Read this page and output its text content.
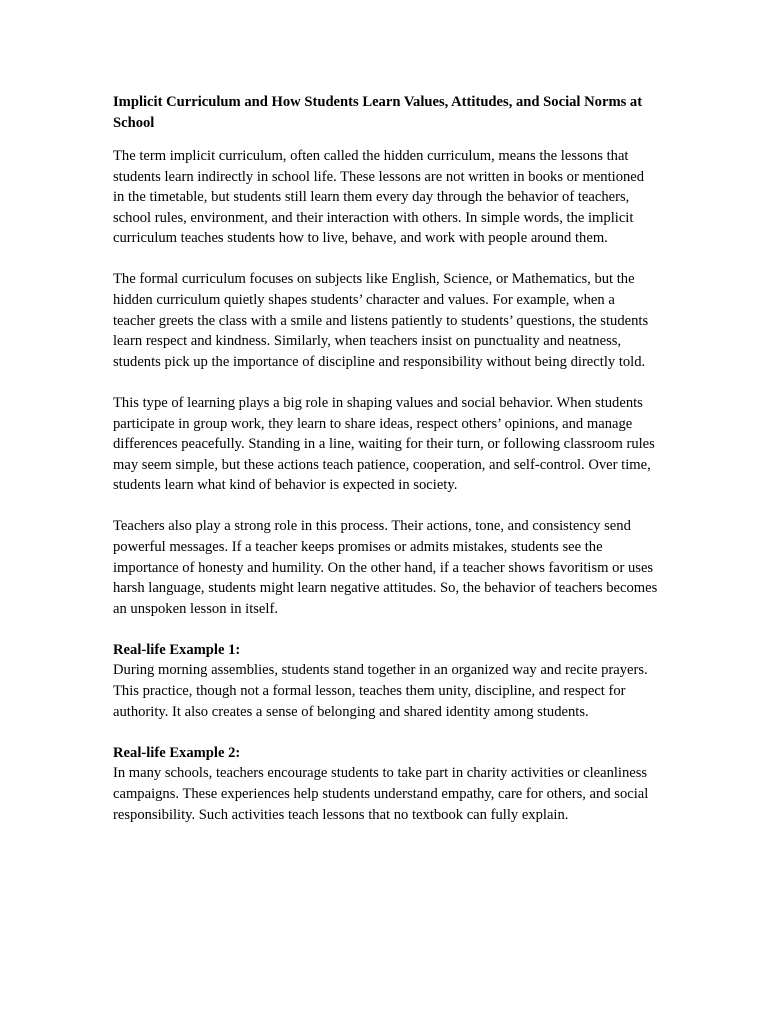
Implicit Curriculum and How Students Learn Values, Attitudes, and Social Norms at School

The term implicit curriculum, often called the hidden curriculum, means the lessons that students learn indirectly in school life. These lessons are not written in books or mentioned in the timetable, but students still learn them every day through the behavior of teachers, school rules, environment, and their interaction with others. In simple words, the implicit curriculum teaches students how to live, behave, and work with people around them.

The formal curriculum focuses on subjects like English, Science, or Mathematics, but the hidden curriculum quietly shapes students’ character and values. For example, when a teacher greets the class with a smile and listens patiently to students’ questions, the students learn respect and kindness. Similarly, when teachers insist on punctuality and neatness, students pick up the importance of discipline and responsibility without being directly told.

This type of learning plays a big role in shaping values and social behavior. When students participate in group work, they learn to share ideas, respect others’ opinions, and manage differences peacefully. Standing in a line, waiting for their turn, or following classroom rules may seem simple, but these actions teach patience, cooperation, and self-control. Over time, students learn what kind of behavior is expected in society.

Teachers also play a strong role in this process. Their actions, tone, and consistency send powerful messages. If a teacher keeps promises or admits mistakes, students see the importance of honesty and humility. On the other hand, if a teacher shows favoritism or uses harsh language, students might learn negative attitudes. So, the behavior of teachers becomes an unspoken lesson in itself.

Real-life Example 1:

During morning assemblies, students stand together in an organized way and recite prayers. This practice, though not a formal lesson, teaches them unity, discipline, and respect for authority. It also creates a sense of belonging and shared identity among students.

Real-life Example 2:

In many schools, teachers encourage students to take part in charity activities or cleanliness campaigns. These experiences help students understand empathy, care for others, and social responsibility. Such activities teach lessons that no textbook can fully explain.
